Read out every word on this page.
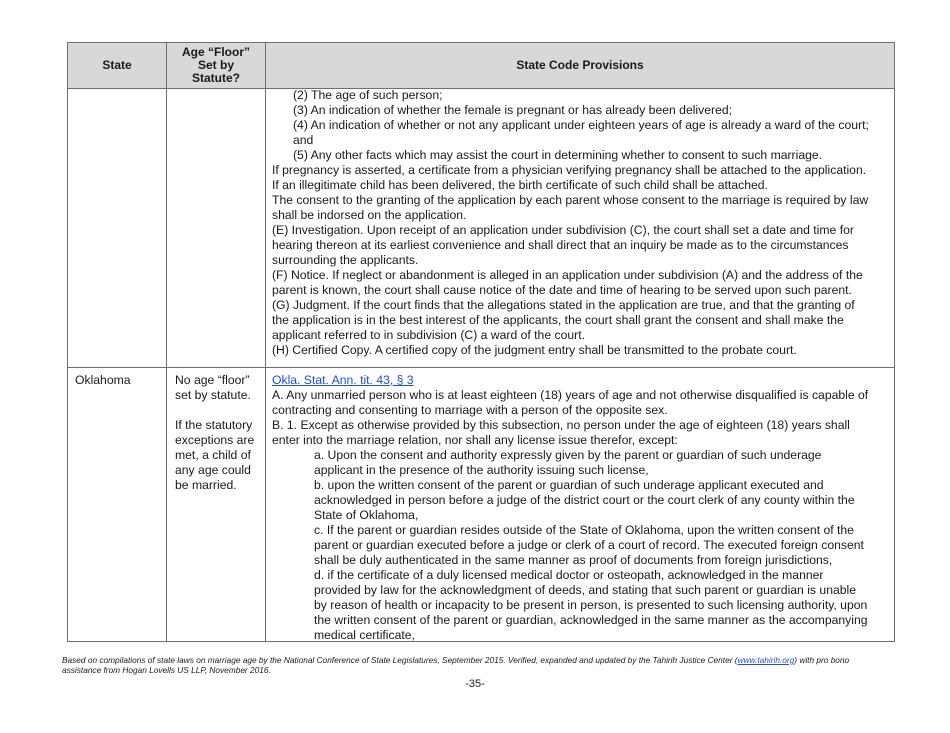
State
Age “Floor”
Set by
Statute?
State Code Provisions
(2) The age of such person;
(3) An indication of whether the female is pregnant or has already been delivered;
(4) An indication of whether or not any applicant under eighteen years of age is already a ward of the court;
and
(5) Any other facts which may assist the court in determining whether to consent to such marriage.
If pregnancy is asserted, a certificate from a physician verifying pregnancy shall be attached to the application.
If an illegitimate child has been delivered, the birth certificate of such child shall be attached.
The consent to the granting of the application by each parent whose consent to the marriage is required by law
shall be indorsed on the application.
(E) Investigation. Upon receipt of an application under subdivision (C), the court shall set a date and time for
hearing thereon at its earliest convenience and shall direct that an inquiry be made as to the circumstances
surrounding the applicants.
(F) Notice. If neglect or abandonment is alleged in an application under subdivision (A) and the address of the
parent is known, the court shall cause notice of the date and time of hearing to be served upon such parent.
(G) Judgment. If the court finds that the allegations stated in the application are true, and that the granting of
the application is in the best interest of the applicants, the court shall grant the consent and shall make the
applicant referred to in subdivision (C) a ward of the court.
(H) Certified Copy. A certified copy of the judgment entry shall be transmitted to the probate court.
Oklahoma	No age “floor”
set by statute.
If the statutory
exceptions are
met, a child of
any age could
be married.
Okla. Stat. Ann. tit. 43, § 3
A. Any unmarried person who is at least eighteen (18) years of age and not otherwise disqualified is capable of
contracting and consenting to marriage with a person of the opposite sex.
B. 1. Except as otherwise provided by this subsection, no person under the age of eighteen (18) years shall
enter into the marriage relation, nor shall any license issue therefor, except:
a. Upon the consent and authority expressly given by the parent or guardian of such underage
applicant in the presence of the authority issuing such license,
b. upon the written consent of the parent or guardian of such underage applicant executed and
acknowledged in person before a judge of the district court or the court clerk of any county within the
State of Oklahoma,
c. If the parent or guardian resides outside of the State of Oklahoma, upon the written consent of the
parent or guardian executed before a judge or clerk of a court of record. The executed foreign consent
shall be duly authenticated in the same manner as proof of documents from foreign jurisdictions,
d. if the certificate of a duly licensed medical doctor or osteopath, acknowledged in the manner
provided by law for the acknowledgment of deeds, and stating that such parent or guardian is unable
by reason of health or incapacity to be present in person, is presented to such licensing authority, upon
the written consent of the parent or guardian, acknowledged in the same manner as the accompanying
medical certificate,
Based on compilations of state laws on marriage age by the National Conference of State Legislatures, September 2015. Verified, expanded and updated by the Tahirih Justice Center (www.tahirih.org) with pro bono
assistance from Hogan Lovells US LLP, November 2016.
-35-
